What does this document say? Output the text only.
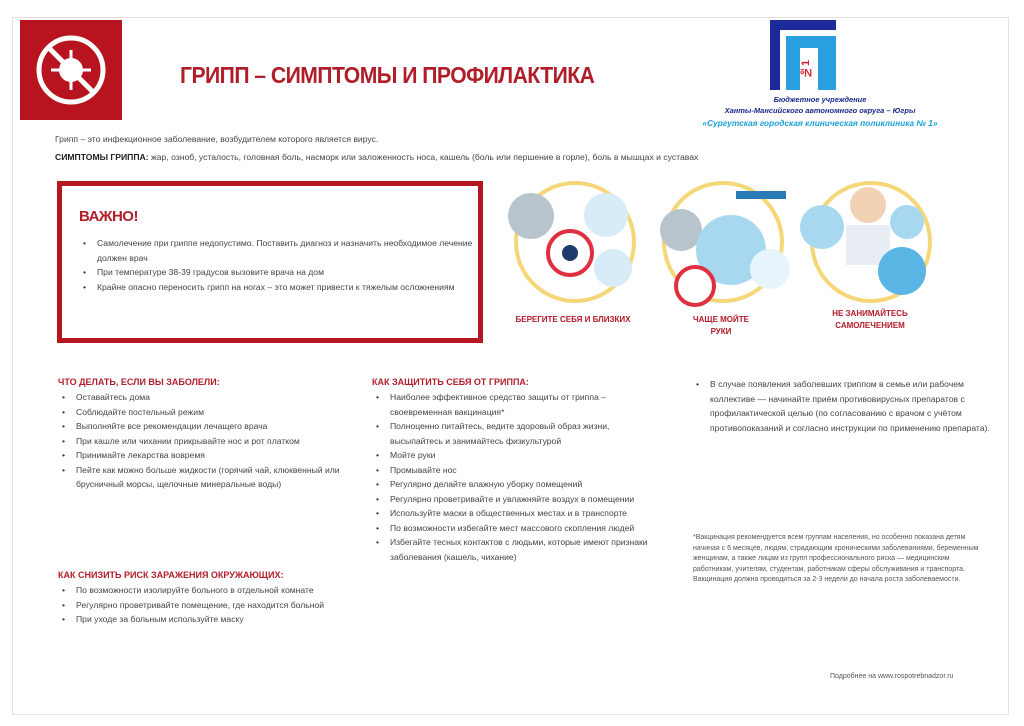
ГРИПП – СИМПТОМЫ И ПРОФИЛАКТИКА	№1
Бюджетное учреждение
Ханты-Мансийского автономного округа – Югры
«Сургутская городская клиническая поликлиника № 1»
Грипп – это инфекционное заболевание, возбудителем которого является вирус.
СИМПТОМЫ ГРИППА: жар, озноб, усталость, головная боль, насморк или заложенность носа, кашель (боль или першение в горле), боль в мышцах и суставах
ВАЖНО!
• Самолечение при гриппе недопустимо. Поставить диагноз и назначить необходимое лечение должен врач
• При температуре 38-39 градусов вызовите врача на дом
• Крайне опасно переносить грипп на ногах – это может привести к тяжелым осложнениям
БЕРЕГИТЕ СЕБЯ И БЛИЗКИХ	ЧАЩЕ МОЙТЕ РУКИ
НЕ ЗАНИМАЙТЕСЬ САМОЛЕЧЕНИЕМ
ЧТО ДЕЛАТЬ, ЕСЛИ ВЫ ЗАБОЛЕЛИ:
• Оставайтесь дома
• Соблюдайте постельный режим
• Выполняйте все рекомендации лечащего врача
• При кашле или чихании прикрывайте нос и рот платком
• Принимайте лекарства вовремя
• Пейте как можно больше жидкости (горячий чай, клюквенный или брусничный морсы, щелочные минеральные воды)
КАК СНИЗИТЬ РИСК ЗАРАЖЕНИЯ ОКРУЖАЮЩИХ:
• По возможности изолируйте больного в отдельной комнате
• Регулярно проветривайте помещение, где находится больной
• При уходе за больным используйте маску
КАК ЗАЩИТИТЬ СЕБЯ ОТ ГРИППА:
• Наиболее эффективное средство защиты от гриппа – своевременная вакцинация*
• Полноценно питайтесь, ведите здоровый образ жизни, высыпайтесь и занимайтесь физкультурой
• Мойте руки
• Промывайте нос
• Регулярно делайте влажную уборку помещений
• Регулярно проветривайте и увлажняйте воздух в помещении
• Используйте маски в общественных местах и в транспорте
• По возможности избегайте мест массового скопления людей
• Избегайте тесных контактов с людьми, которые имеют признаки заболевания (кашель, чихание)
• В случае появления заболевших гриппом в семье или рабочем коллективе — начинайте приём противовирусных препаратов с профилактической целью (по согласованию с врачом с учётом противопоказаний и согласно инструкции по применению препарата).
*Вакцинация рекомендуется всем группам населения, но особенно показана детям начиная с 6 месяцев, людям, страдающим хроническими заболеваниями, беременным женщинам, а также лицам из групп профессионального риска — медицинским работникам, учителям, студентам, работникам сферы обслуживания и транспорта. Вакцинация должна проводиться за 2-3 недели до начала роста заболеваемости.
Подробнее на www.rospotrebnadzor.ru
